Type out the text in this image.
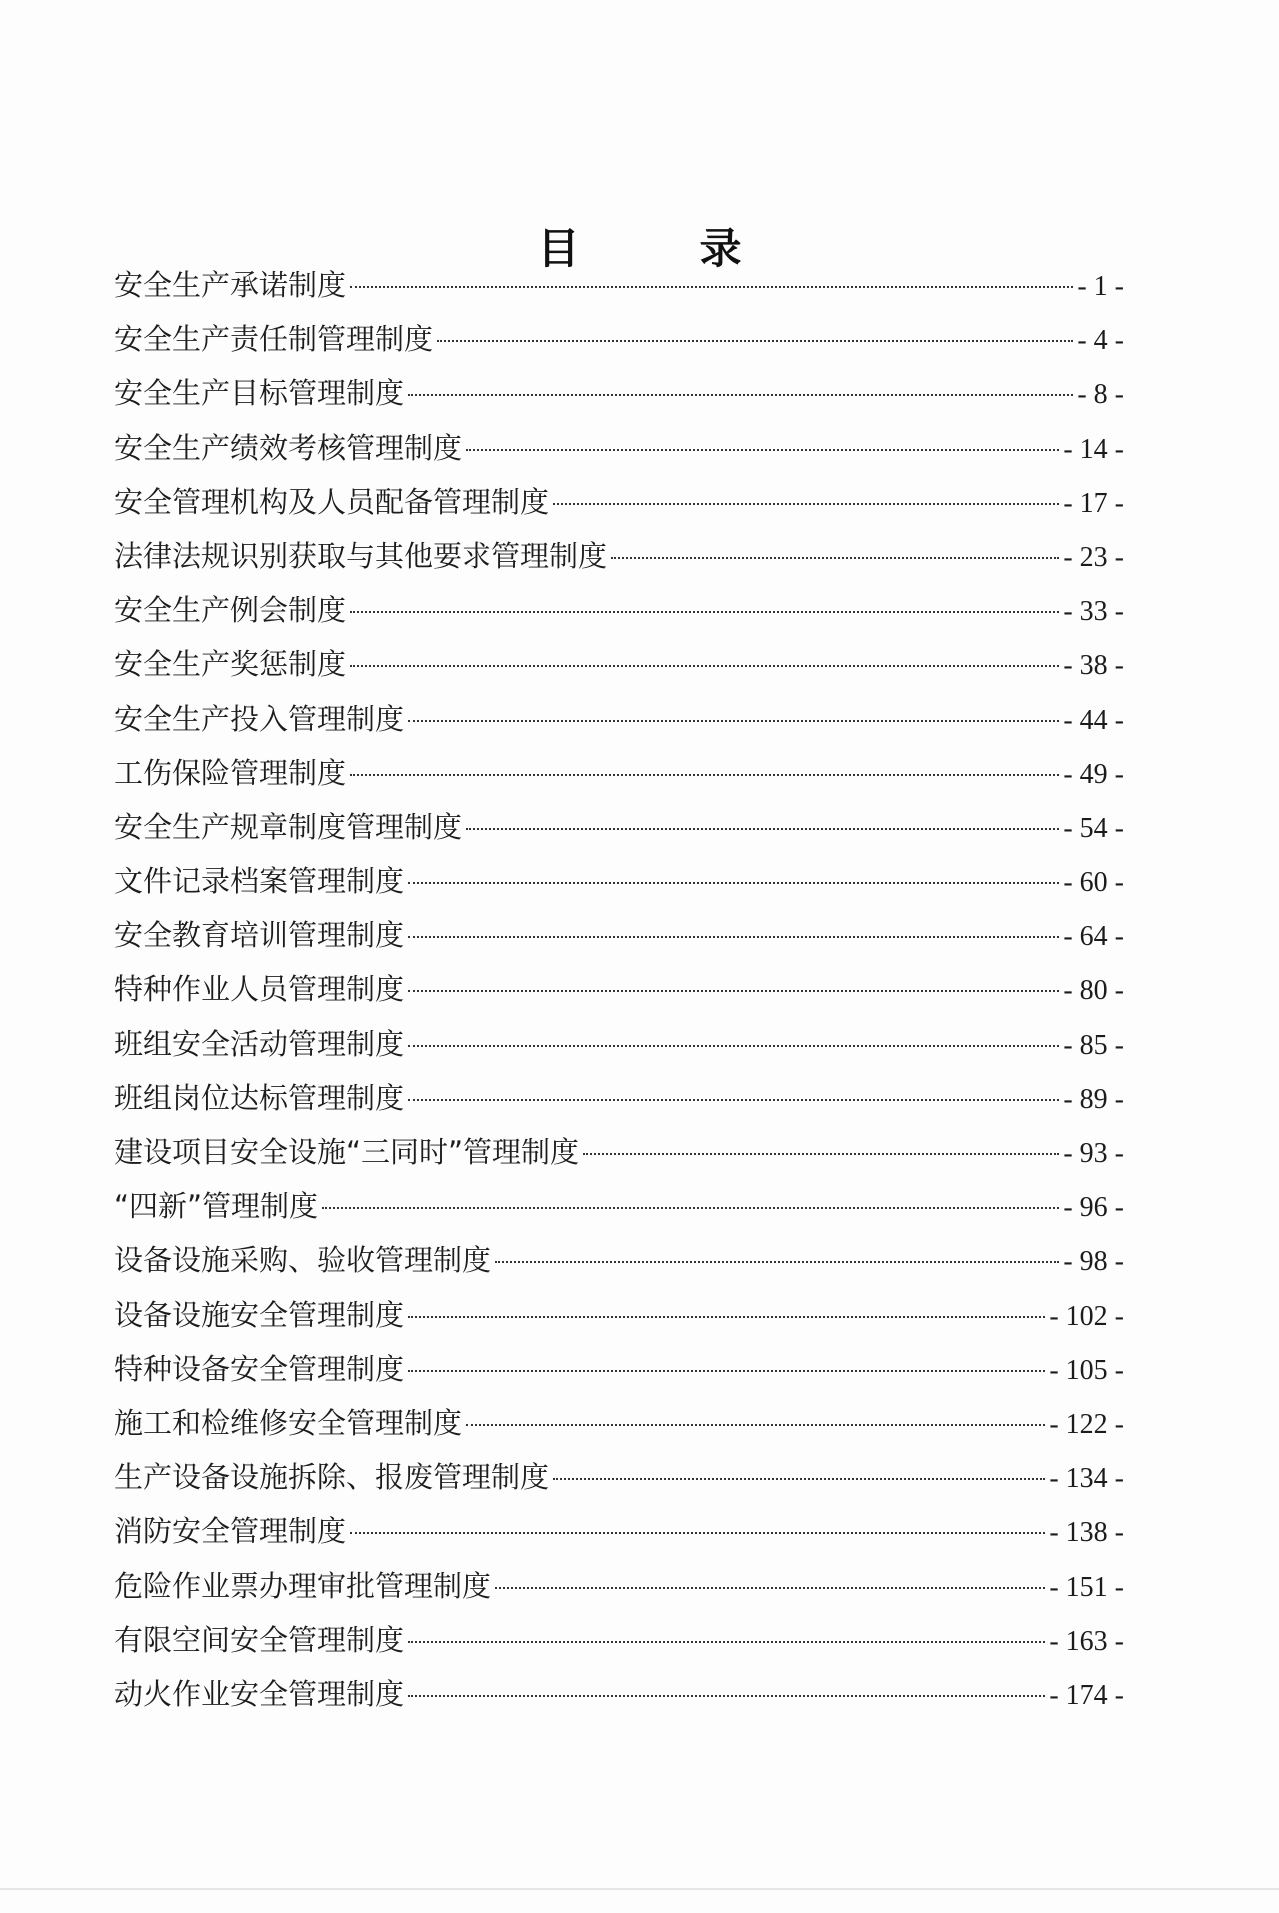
目	录
安全生产承诺制度	- 1 -
安全生产责任制管理制度	- 4 -
安全生产目标管理制度	- 8 -
安全生产绩效考核管理制度	- 14 -
安全管理机构及人员配备管理制度	- 17 -
法律法规识别获取与其他要求管理制度	- 23 -
安全生产例会制度	- 33 -
安全生产奖惩制度	- 38 -
安全生产投入管理制度	- 44 -
工伤保险管理制度	- 49 -
安全生产规章制度管理制度	- 54 -
文件记录档案管理制度	- 60 -
安全教育培训管理制度	- 64 -
特种作业人员管理制度	- 80 -
班组安全活动管理制度	- 85 -
班组岗位达标管理制度	- 89 -
建设项目安全设施“三同时”管理制度	- 93 -
“四新”管理制度	- 96 -
设备设施采购、验收管理制度	- 98 -
设备设施安全管理制度	- 102 -
特种设备安全管理制度	- 105 -
施工和检维修安全管理制度	- 122 -
生产设备设施拆除、报废管理制度	- 134 -
消防安全管理制度	- 138 -
危险作业票办理审批管理制度	- 151 -
有限空间安全管理制度	- 163 -
动火作业安全管理制度	- 174 -
